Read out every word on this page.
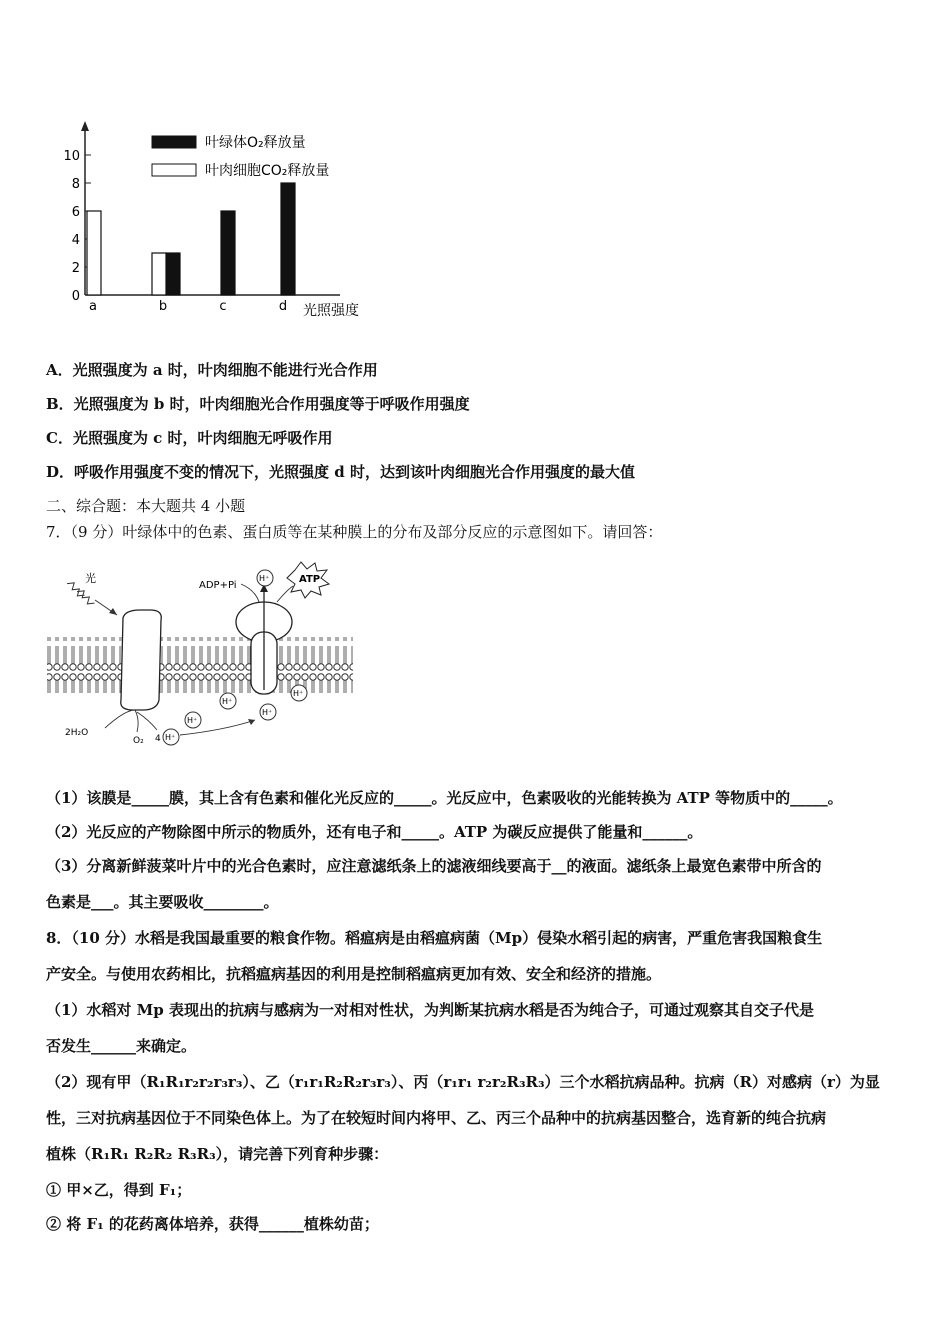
0
2
4
6
8
10
a	b	c	d 光照强度
叶绿体O₂释放量
叶肉细胞CO₂释放量
A．光照强度为 a 时，叶肉细胞不能进行光合作用
B．光照强度为 b 时，叶肉细胞光合作用强度等于呼吸作用强度
C．光照强度为 c 时，叶肉细胞无呼吸作用
D．呼吸作用强度不变的情况下，光照强度 d 时，达到该叶肉细胞光合作用强度的最大值
二、综合题：本大题共 4 小题
7．（9 分）叶绿体中的色素、蛋白质等在某种膜上的分布及部分反应的示意图如下。请回答：
光
ADP+Pi
H⁺	ATP
H⁺
H⁺
H⁺
H⁺
H⁺
2H₂O
O₂ 4
（1）该膜是_____膜，其上含有色素和催化光反应的_____。光反应中，色素吸收的光能转换为 ATP 等物质中的_____。
（2）光反应的产物除图中所示的物质外，还有电子和_____。ATP 为碳反应提供了能量和______。
（3）分离新鲜菠菜叶片中的光合色素时，应注意滤纸条上的滤液细线要高于__的液面。滤纸条上最宽色素带中所含的
色素是___。其主要吸收________。
8．（10 分）水稻是我国最重要的粮食作物。稻瘟病是由稻瘟病菌（Mp）侵染水稻引起的病害，严重危害我国粮食生
产安全。与使用农药相比，抗稻瘟病基因的利用是控制稻瘟病更加有效、安全和经济的措施。
（1）水稻对 Mp 表现出的抗病与感病为一对相对性状，为判断某抗病水稻是否为纯合子，可通过观察其自交子代是
否发生______来确定。
（2）现有甲（R₁R₁r₂r₂r₃r₃）、乙（r₁r₁R₂R₂r₃r₃）、丙（r₁r₁ r₂r₂R₃R₃）三个水稻抗病品种。抗病（R）对感病（r）为显
性，三对抗病基因位于不同染色体上。为了在较短时间内将甲、乙、丙三个品种中的抗病基因整合，选育新的纯合抗病
植株（R₁R₁ R₂R₂ R₃R₃），请完善下列育种步骤：
① 甲×乙，得到 F₁；
② 将 F₁ 的花药离体培养，获得______植株幼苗；
